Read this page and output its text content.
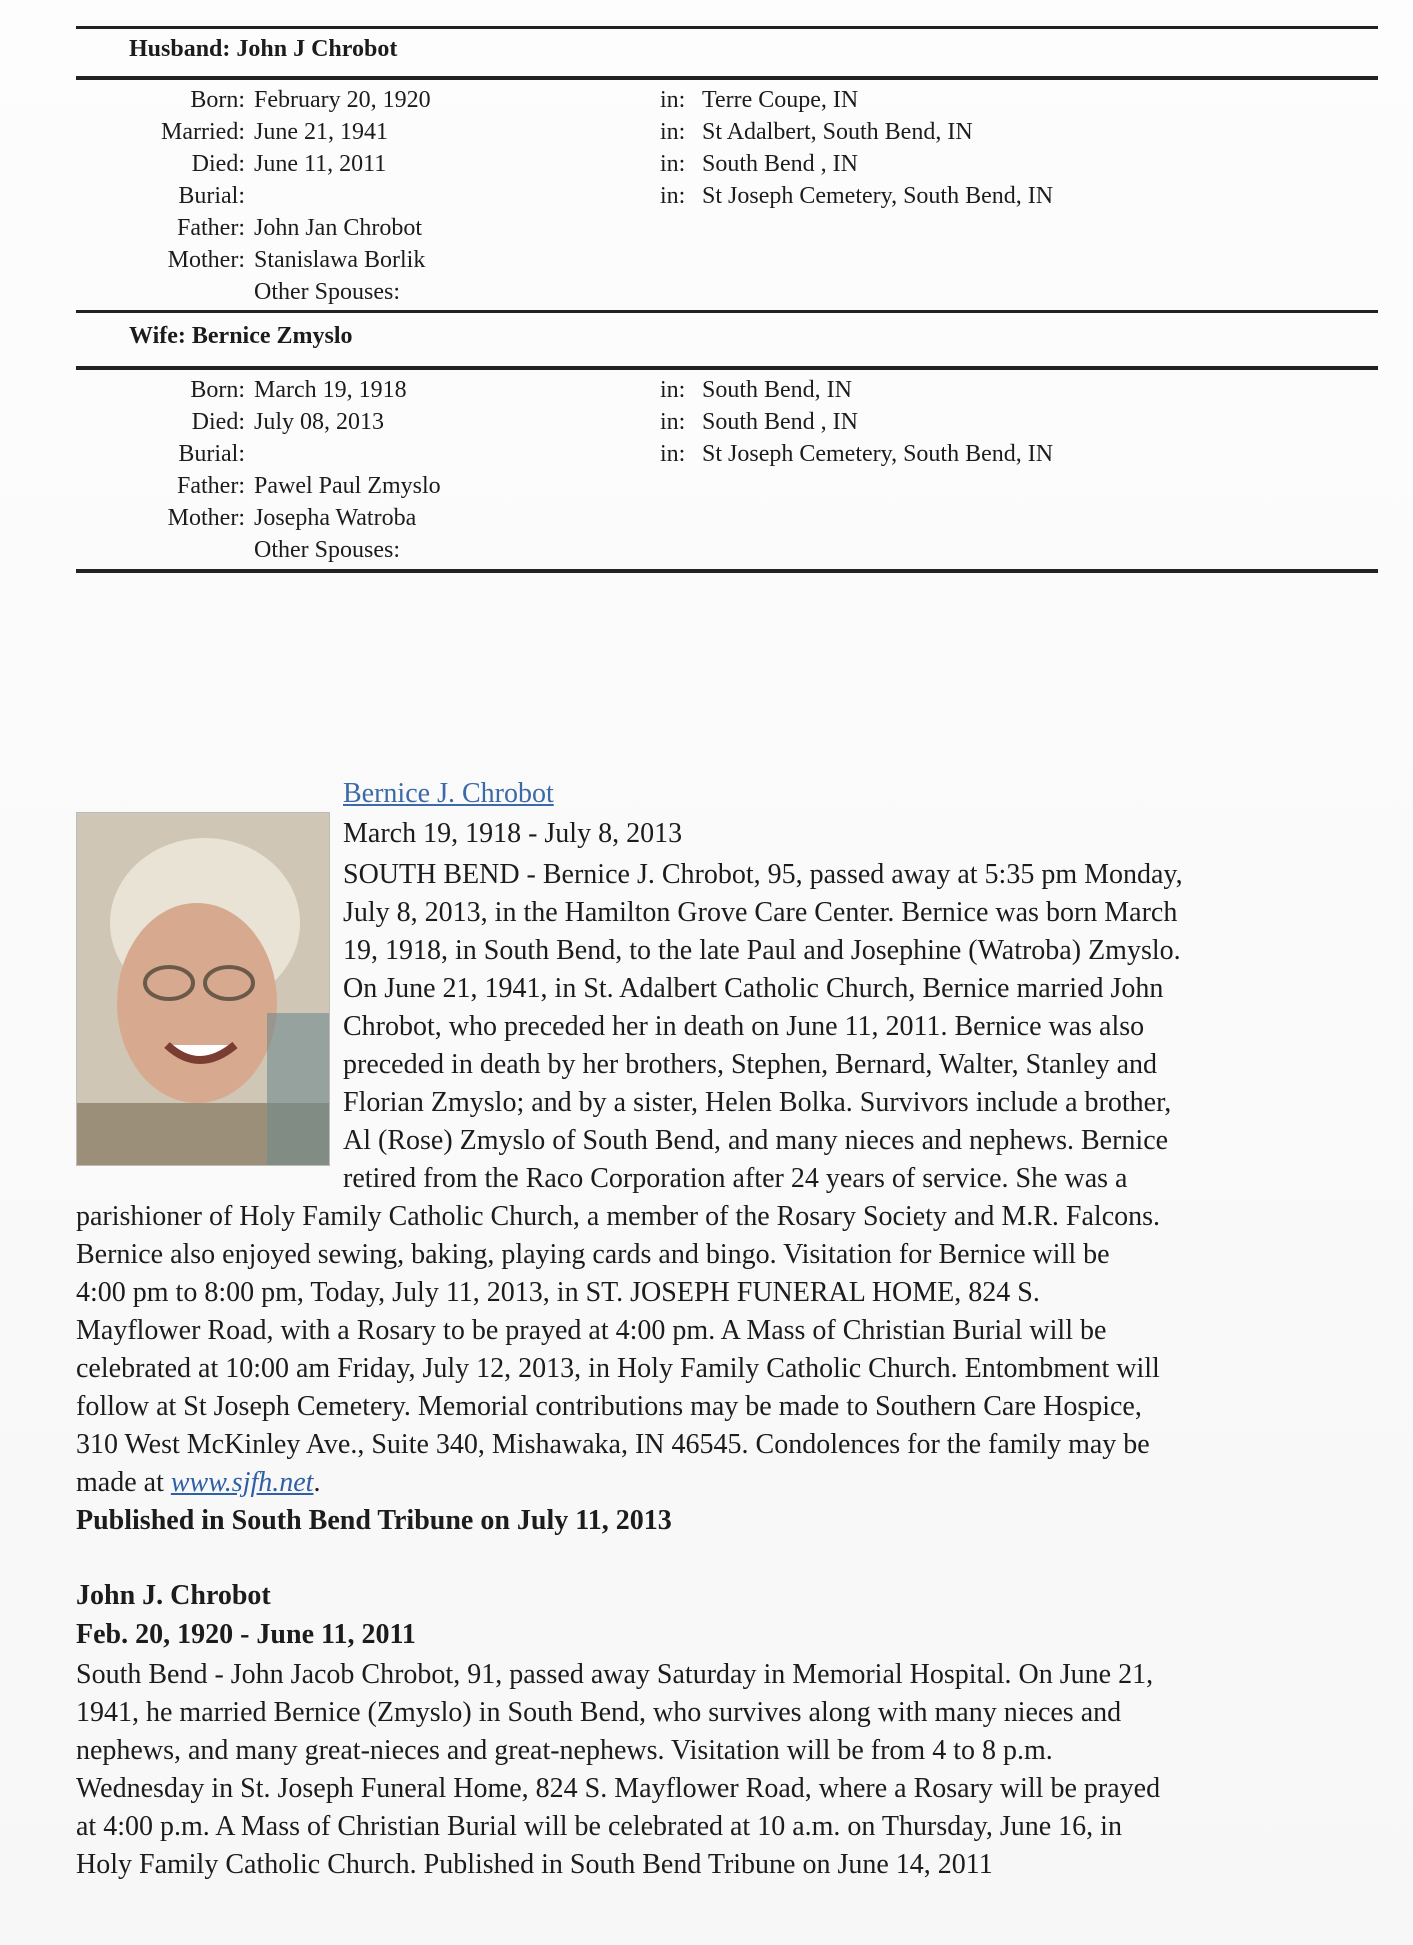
Husband: John J Chrobot
Born: February 20, 1920	in: Terre Coupe, IN
Married: June 21, 1941	in: St Adalbert, South Bend, IN
Died: June 11, 2011	in: South Bend , IN
Burial:	in: St Joseph Cemetery, South Bend, IN
Father: John Jan Chrobot
Mother: Stanislawa Borlik
Other Spouses:
Wife: Bernice Zmyslo
Born: March 19, 1918	in: South Bend, IN
Died: July 08, 2013	in: South Bend , IN
Burial:	in: St Joseph Cemetery, South Bend, IN
Father: Pawel Paul Zmyslo
Mother: Josepha Watroba
Other Spouses:
Bernice J. Chrobot
March 19, 1918 - July 8, 2013
SOUTH BEND - Bernice J. Chrobot, 95, passed away at 5:35 pm Monday,
July 8, 2013, in the Hamilton Grove Care Center. Bernice was born March
19, 1918, in South Bend, to the late Paul and Josephine (Watroba) Zmyslo.
On June 21, 1941, in St. Adalbert Catholic Church, Bernice married John
Chrobot, who preceded her in death on June 11, 2011. Bernice was also
preceded in death by her brothers, Stephen, Bernard, Walter, Stanley and
Florian Zmyslo; and by a sister, Helen Bolka. Survivors include a brother,
Al (Rose) Zmyslo of South Bend, and many nieces and nephews. Bernice
retired from the Raco Corporation after 24 years of service. She was a
parishioner of Holy Family Catholic Church, a member of the Rosary Society and M.R. Falcons.
Bernice also enjoyed sewing, baking, playing cards and bingo. Visitation for Bernice will be
4:00 pm to 8:00 pm, Today, July 11, 2013, in ST. JOSEPH FUNERAL HOME, 824 S.
Mayflower Road, with a Rosary to be prayed at 4:00 pm. A Mass of Christian Burial will be
celebrated at 10:00 am Friday, July 12, 2013, in Holy Family Catholic Church. Entombment will
follow at St Joseph Cemetery. Memorial contributions may be made to Southern Care Hospice,
310 West McKinley Ave., Suite 340, Mishawaka, IN 46545. Condolences for the family may be
made at www.sjfh.net.
Published in South Bend Tribune on July 11, 2013
John J. Chrobot
Feb. 20, 1920 - June 11, 2011
South Bend - John Jacob Chrobot, 91, passed away Saturday in Memorial Hospital. On June 21,
1941, he married Bernice (Zmyslo) in South Bend, who survives along with many nieces and
nephews, and many great-nieces and great-nephews. Visitation will be from 4 to 8 p.m.
Wednesday in St. Joseph Funeral Home, 824 S. Mayflower Road, where a Rosary will be prayed
at 4:00 p.m. A Mass of Christian Burial will be celebrated at 10 a.m. on Thursday, June 16, in
Holy Family Catholic Church. Published in South Bend Tribune on June 14, 2011
